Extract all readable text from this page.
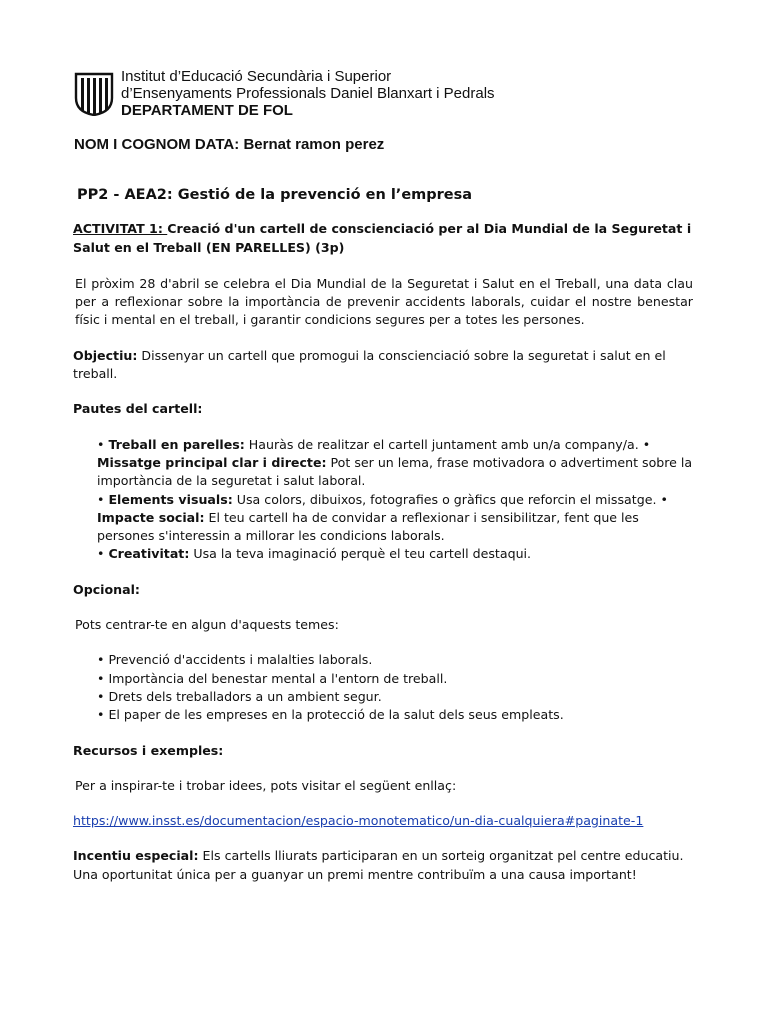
Institut d’Educació Secundària i Superior
d’Ensenyaments Professionals Daniel Blanxart i Pedrals
DEPARTAMENT DE FOL
NOM I COGNOM DATA: Bernat ramon perez
PP2 - AEA2: Gestió de la prevenció en l’empresa
ACTIVITAT 1: Creació d'un cartell de conscienciació per al Dia Mundial de la Seguretat i Salut en el Treball (EN PARELLES) (3p)

El pròxim 28 d'abril se celebra el Dia Mundial de la Seguretat i Salut en el Treball, una data clau per a reflexionar sobre la importància de prevenir accidents laborals, cuidar el nostre benestar físic i mental en el treball, i garantir condicions segures per a totes les persones.

Objectiu: Dissenyar un cartell que promogui la conscienciació sobre la seguretat i salut en el treball.

Pautes del cartell:

• Treball en parelles: Hauràs de realitzar el cartell juntament amb un/a company/a. • Missatge principal clar i directe: Pot ser un lema, frase motivadora o advertiment sobre la importància de la seguretat i salut laboral.
• Elements visuals: Usa colors, dibuixos, fotografies o gràfics que reforcin el missatge. • Impacte social: El teu cartell ha de convidar a reflexionar i sensibilitzar, fent que les persones s'interessin a millorar les condicions laborals.
• Creativitat: Usa la teva imaginació perquè el teu cartell destaqui.

Opcional:

Pots centrar-te en algun d'aquests temes:

• Prevenció d'accidents i malalties laborals.
• Importància del benestar mental a l'entorn de treball.
• Drets dels treballadors a un ambient segur.
• El paper de les empreses en la protecció de la salut dels seus empleats.

Recursos i exemples:

Per a inspirar-te i trobar idees, pots visitar el següent enllaç:

https://www.insst.es/documentacion/espacio-monotematico/un-dia-cualquiera#paginate-1

Incentiu especial: Els cartells lliurats participaran en un sorteig organitzat pel centre educatiu. Una oportunitat única per a guanyar un premi mentre contribuïm a una causa important!
